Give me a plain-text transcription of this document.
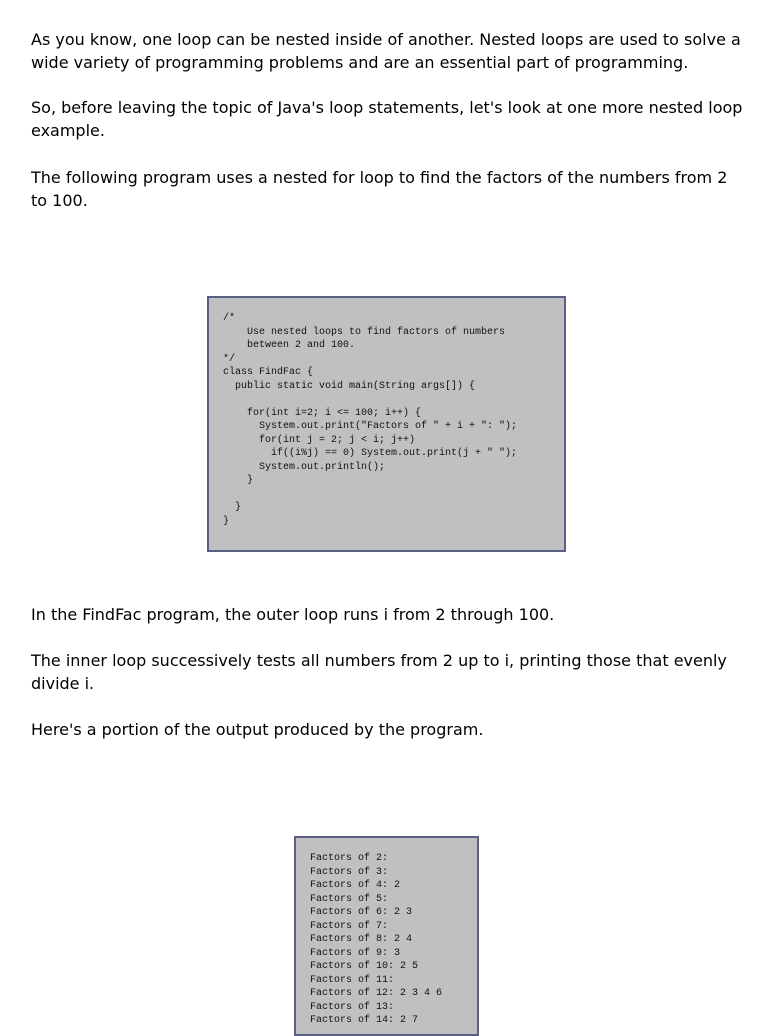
As you know, one loop can be nested inside of another. Nested loops are used to solve a wide variety of programming problems and are an essential part of programming.

So, before leaving the topic of Java's loop statements, let's look at one more nested loop example.

The following program uses a nested for loop to find the factors of the numbers from 2 to 100.

/*
Use nested loops to find factors of numbers
between 2 and 100.
*/
class FindFac {
public static void main(String args[]) {

for(int i=2; i <= 100; i++) {
System.out.print("Factors of " + i + ": ");
for(int j = 2; j < i; j++)
if((i%j) == 0) System.out.print(j + " ");
System.out.println();
}

}
}

In the FindFac program, the outer loop runs i from 2 through 100.

The inner loop successively tests all numbers from 2 up to i, printing those that evenly divide i.

Here's a portion of the output produced by the program.

Factors of 2:
Factors of 3:
Factors of 4: 2
Factors of 5:
Factors of 6: 2 3
Factors of 7:
Factors of 8: 2 4
Factors of 9: 3
Factors of 10: 2 5
Factors of 11:
Factors of 12: 2 3 4 6
Factors of 13:
Factors of 14: 2 7
